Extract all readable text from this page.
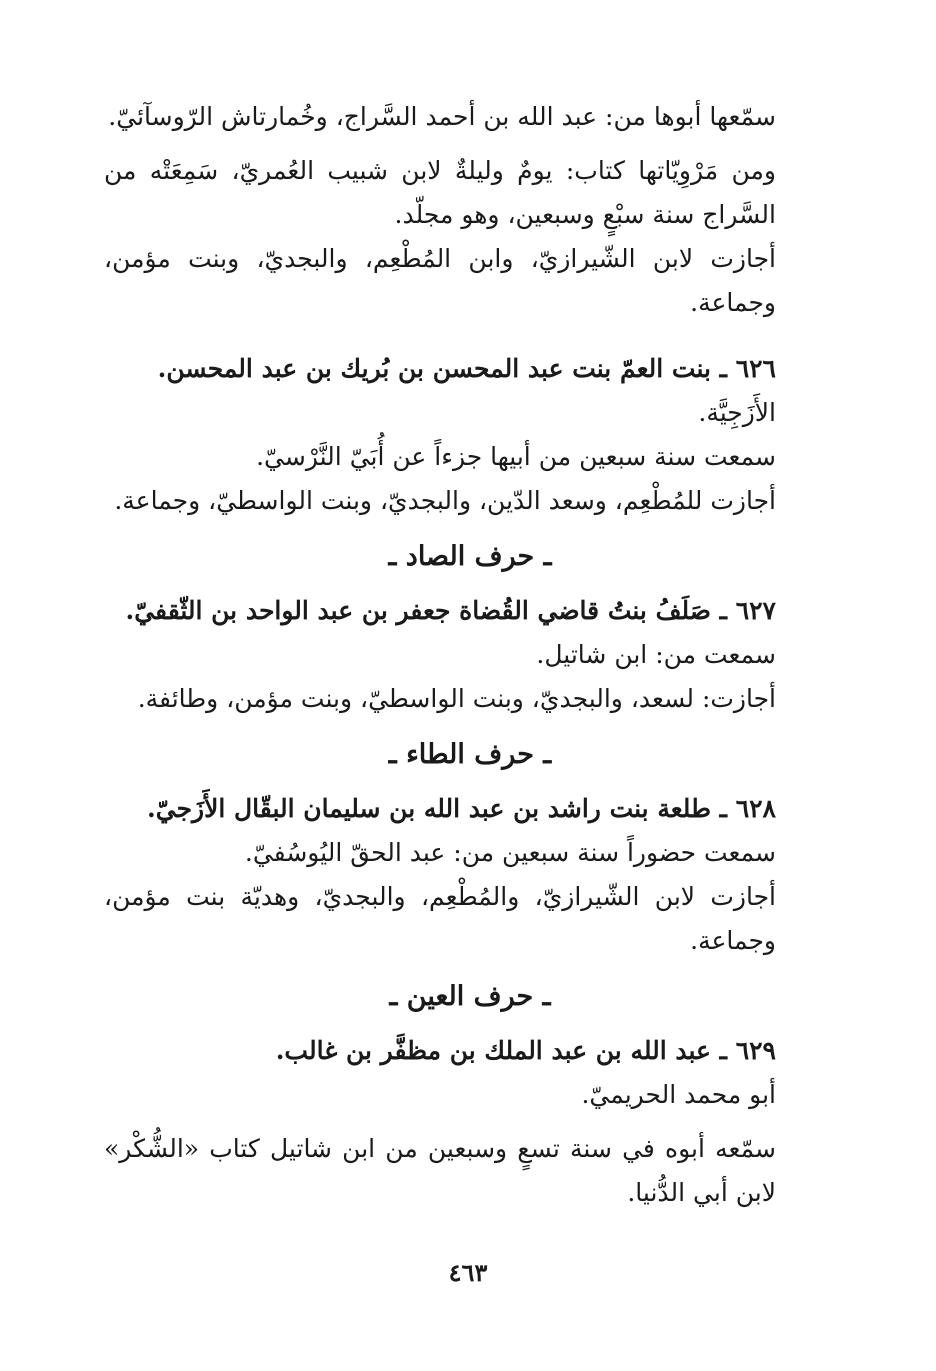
سمّعها أبوها من: عبد الله بن أحمد السَّراج، وخُمارتاش الرّوسآئيّ.

ومن مَرْوِيّاتها كتاب: يومٌ وليلةٌ لابن شبيب العُمريّ، سَمِعَتْه من السَّراج سنة سبْعٍ وسبعين، وهو مجلّد.

أجازت لابن الشّيرازيّ، وابن المُطْعِم، والبجديّ، وبنت مؤمن، وجماعة.

٦٢٦ ـ بنت العمّ بنت عبد المحسن بن بُريك بن عبد المحسن.

الأَزَجِيَّة.

سمعت سنة سبعين من أبيها جزءاً عن أُبَيّ النَّرْسيّ.

أجازت للمُطْعِم، وسعد الدّين، والبجديّ، وبنت الواسطيّ، وجماعة.

ـ حرف الصاد ـ

٦٢٧ ـ صَلَفُ بنتُ قاضي القُضاة جعفر بن عبد الواحد بن الثّقفيّ.

سمعت من: ابن شاتيل.

أجازت: لسعد، والبجديّ، وبنت الواسطيّ، وبنت مؤمن، وطائفة.

ـ حرف الطاء ـ

٦٢٨ ـ طلعة بنت راشد بن عبد الله بن سليمان البقّال الأَزَجيّ.

سمعت حضوراً سنة سبعين من: عبد الحقّ اليُوسُفيّ.

أجازت لابن الشّيرازيّ، والمُطْعِم، والبجديّ، وهديّة بنت مؤمن، وجماعة.

ـ حرف العين ـ

٦٢٩ ـ عبد الله بن عبد الملك بن مظفَّر بن غالب.

أبو محمد الحريميّ.

سمّعه أبوه في سنة تسعٍ وسبعين من ابن شاتيل كتاب «الشُّكْر» لابن أبي الدُّنيا.

٤٦٣
